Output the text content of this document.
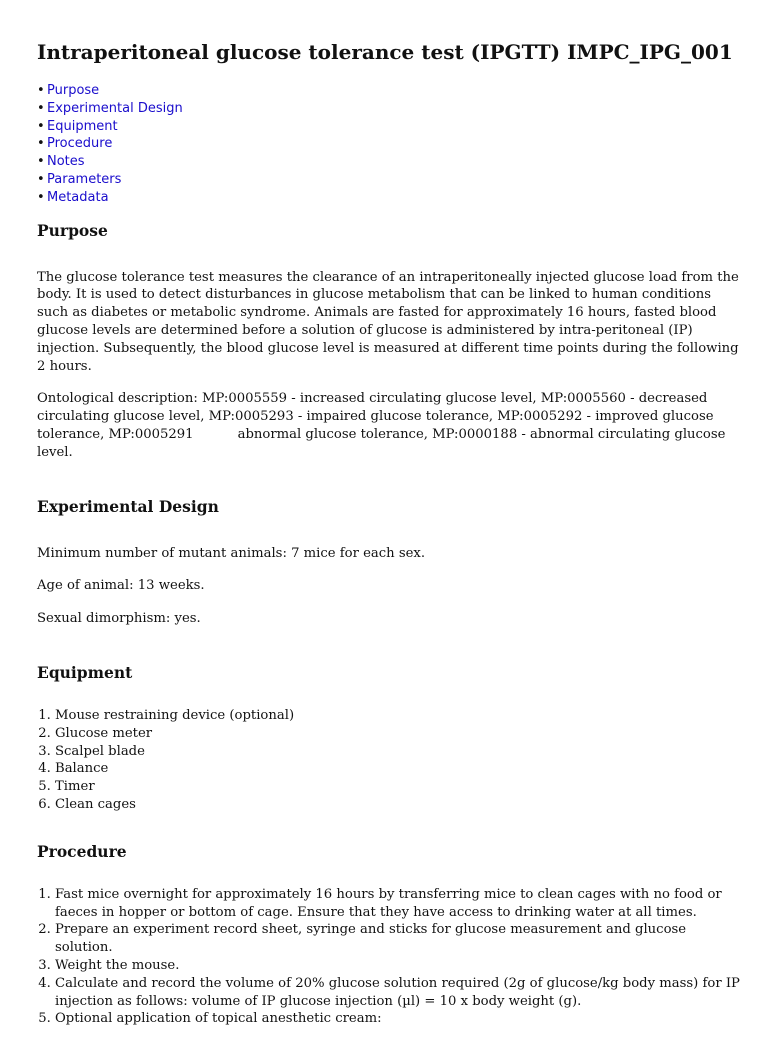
Intraperitoneal glucose tolerance test (IPGTT) IMPC_IPG_001
• Purpose
• Experimental Design
• Equipment
• Procedure
• Notes
• Parameters
• Metadata
Purpose

The glucose tolerance test measures the clearance of an intraperitoneally injected glucose load from the body. It is used to detect disturbances in glucose metabolism that can be linked to human conditions such as diabetes or metabolic syndrome. Animals are fasted for approximately 16 hours, fasted blood glucose levels are determined before a solution of glucose is administered by intra-peritoneal (IP) injection. Subsequently, the blood glucose level is measured at different time points during the following 2 hours.

Ontological description: MP:0005559 - increased circulating glucose level, MP:0005560 - decreased circulating glucose level, MP:0005293 - impaired glucose tolerance, MP:0005292 - improved glucose tolerance, MP:0005291	abnormal glucose tolerance, MP:0000188 - abnormal circulating glucose level.

Experimental Design

Minimum number of mutant animals: 7 mice for each sex.

Age of animal: 13 weeks.

Sexual dimorphism: yes.

Equipment
1. Mouse restraining device (optional)
2. Glucose meter
3. Scalpel blade
4. Balance
5. Timer
6. Clean cages
Procedure
1. Fast mice overnight for approximately 16 hours by transferring mice to clean cages with no food or faeces in hopper or bottom of cage. Ensure that they have access to drinking water at all times.
2. Prepare an experiment record sheet, syringe and sticks for glucose measurement and glucose solution.
3. Weight the mouse.
4. Calculate and record the volume of 20% glucose solution required (2g of glucose/kg body mass) for IP injection as follows: volume of IP glucose injection (µl) = 10 x body weight (g).
5. Optional application of topical anesthetic cream:
